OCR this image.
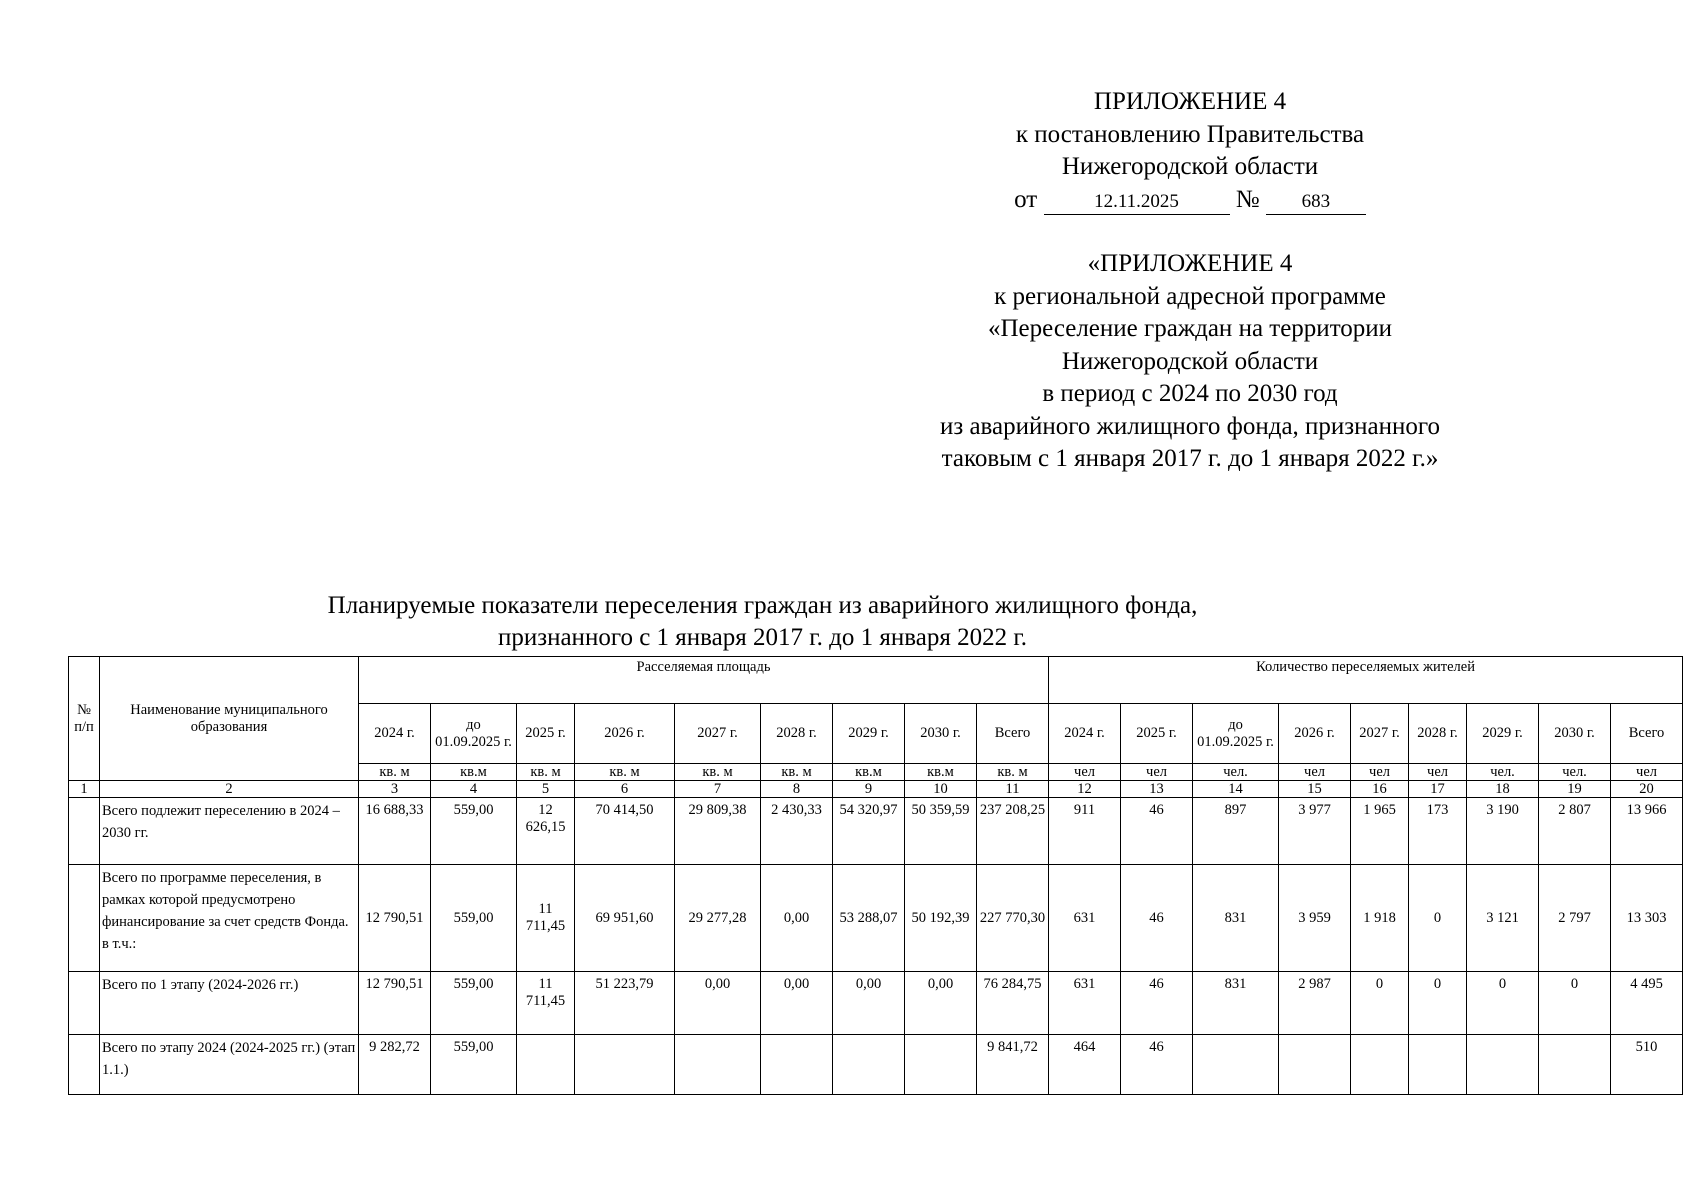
ПРИЛОЖЕНИЕ 4
к постановлению Правительства
Нижегородской области
от	12.11.2025 № 683
«ПРИЛОЖЕНИЕ 4
к региональной адресной программе
«Переселение граждан на территории
Нижегородской области
в период с 2024 по 2030 год
из аварийного жилищного фонда, признанного
таковым с 1 января 2017 г. до 1 января 2022 г.»
Планируемые показатели переселения граждан из аварийного жилищного фонда,
признанного с 1 января 2017 г. до 1 января 2022 г.
№ п/п	Наименование муниципального образования	Расселяемая площадь									Количество переселяемых жителей								
		2024 г.	до 01.09.2025 г.	2025 г.	2026 г.	2027 г.	2028 г.	2029 г.	2030 г.	Всего	2024 г.	2025 г.	до 01.09.2025 г.	2026 г.	2027 г.	2028 г.	2029 г.	2030 г.	Всего
		кв. м	кв.м	кв. м	кв. м	кв. м	кв. м	кв.м	кв.м	кв. м	чел	чел	чел.	чел	чел	чел	чел.	чел.	чел
1	2	3	4	5	6	7	8	9	10	11	12	13	14	15	16	17	18	19	20
	Всего подлежит переселению в 2024 – 2030 гг.	16 688,33	559,00	12 626,15	70 414,50	29 809,38	2 430,33	54 320,97	50 359,59	237 208,25	911	46	897	3 977	1 965	173	3 190	2 807	13 966
	Всего по программе переселения, в рамках которой предусмотрено финансирование за счет средств Фонда. в т.ч.:	12 790,51	559,00	11 711,45	69 951,60	29 277,28	0,00	53 288,07	50 192,39	227 770,30	631	46	831	3 959	1 918	0	3 121	2 797	13 303
	Всего по 1 этапу (2024-2026 гг.)	12 790,51	559,00	11 711,45	51 223,79	0,00	0,00	0,00	0,00	76 284,75	631	46	831	2 987	0	0	0	0	4 495
	Всего по этапу 2024 (2024-2025 гг.) (этап 1.1.)	9 282,72	559,00							9 841,72	464	46							510
